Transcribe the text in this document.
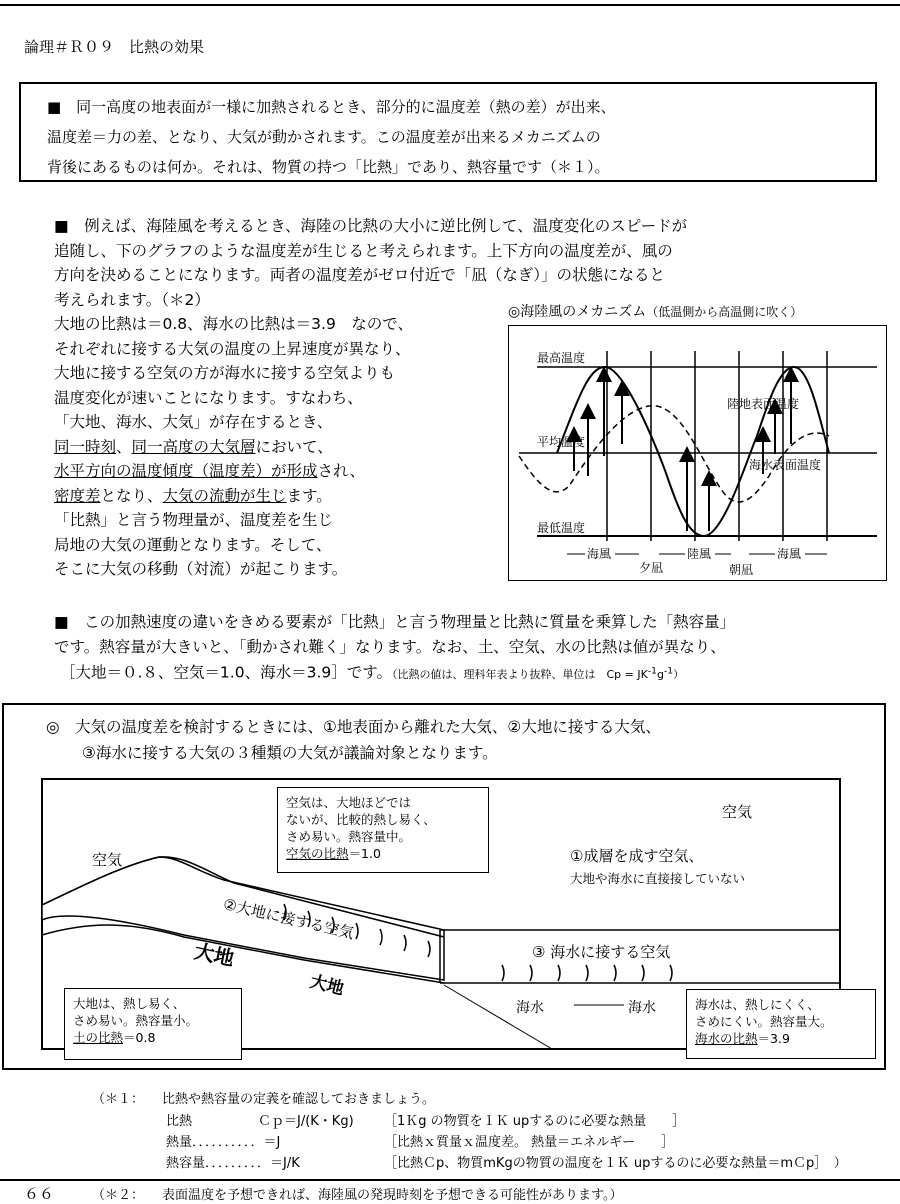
論理＃Ｒ０９　比熱の効果

■　同一高度の地表面が一様に加熱されるとき、部分的に温度差（熱の差）が出来、

温度差＝力の差、となり、大気が動かされます。この温度差が出来るメカニズムの

背後にあるものは何か。それは、物質の持つ「比熱」であり、熱容量です（＊１）。

■　例えば、海陸風を考えるとき、海陸の比熱の大小に逆比例して、温度変化のスピードが

追随し、下のグラフのような温度差が生じると考えられます。上下方向の温度差が、風の

方向を決めることになります。両者の温度差がゼロ付近で「凪（なぎ）」の状態になると

考えられます。（＊2）

大地の比熱は＝0.8、海水の比熱は＝3.9　なので、

それぞれに接する大気の温度の上昇速度が異なり、

大地に接する空気の方が海水に接する空気よりも

温度変化が速いことになります。すなわち、

「大地、海水、大気」が存在するとき、

同一時刻、同一高度の大気層において、

水平方向の温度傾度（温度差）が形成され、

密度差となり、大気の流動が生じます。

「比熱」と言う物理量が、温度差を生じ

局地の大気の運動となります。そして、

そこに大気の移動（対流）が起こります。

◎海陸風のメカニズム（低温側から高温側に吹く）
最高温度
平均温度
最低温度
陸地表面温度
海水表面温度
海風	陸風	海風
夕凪	朝凪

■　この加熱速度の違いをきめる要素が「比熱」と言う物理量と比熱に質量を乗算した「熱容量」

です。熱容量が大きいと、「動かされ難く」なります。なお、土、空気、水の比熱は値が異なり、

［大地＝０.８、空気＝1.0、海水＝3.9］です。（比熱の値は、理科年表より抜粋、単位は　$Cp = JK^{-1}g^{-1}$）

◎　大気の温度差を検討するときには、①地表面から離れた大気、②大地に接する大気、
③海水に接する大気の３種類の大気が議論対象となります。
空気
空気
①成層を成す空気、
大地や海水に直接接していない
②大地に接する空気
③ 海水に接する空気
大地
大地
海水	海水

空気は、大地ほどでは

ないが、比較的熱し易く、

さめ易い。熱容量中。

空気の比熱＝1.0

大地は、熱し易く、

さめ易い。熱容量小。

土の比熱＝0.8

海水は、熱しにくく、

さめにくい。熱容量大。

海水の比熱＝3.9

（＊１： 比熱や熱容量の定義を確認しておきましょう。
比熱	Ｃｐ＝J/(K・Kg) ［1Ｋg の物質を１Ｋ upするのに必要な熱量　　］
熱量．．．．．．．．．．＝J	［比熱ｘ質量ｘ温度差。 熱量＝エネルギー　　］
熱容量．．．．．．．．．＝J/K	［比熱Ｃp、物質mKgの物質の温度を１Ｋ upするのに必要な熱量＝mＣp］　）
６６	（＊２： 表面温度を予想できれば、海陸風の発現時刻を予想できる可能性があります。）
